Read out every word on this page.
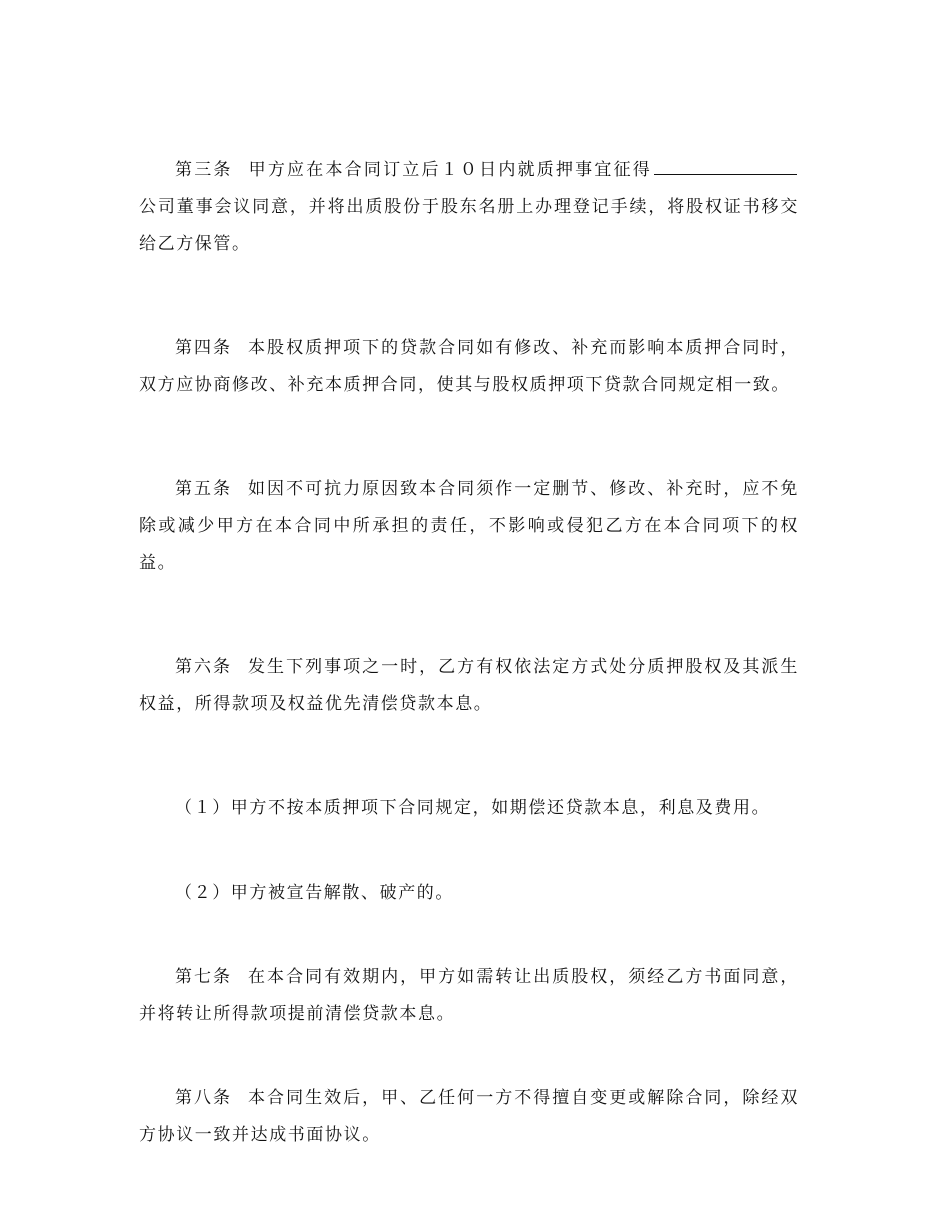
第三条 甲方应在本合同订立后１０日内就质押事宜征得公司董事会议同意，并将出质股份于股东名册上办理登记手续，将股权证书移交给乙方保管。

第四条 本股权质押项下的贷款合同如有修改、补充而影响本质押合同时，双方应协商修改、补充本质押合同，使其与股权质押项下贷款合同规定相一致。

第五条 如因不可抗力原因致本合同须作一定删节、修改、补充时，应不免除或减少甲方在本合同中所承担的责任，不影响或侵犯乙方在本合同项下的权益。

第六条 发生下列事项之一时，乙方有权依法定方式处分质押股权及其派生权益，所得款项及权益优先清偿贷款本息。

（１）甲方不按本质押项下合同规定，如期偿还贷款本息，利息及费用。

（２）甲方被宣告解散、破产的。

第七条 在本合同有效期内，甲方如需转让出质股权，须经乙方书面同意，并将转让所得款项提前清偿贷款本息。

第八条 本合同生效后，甲、乙任何一方不得擅自变更或解除合同，除经双方协议一致并达成书面协议。
